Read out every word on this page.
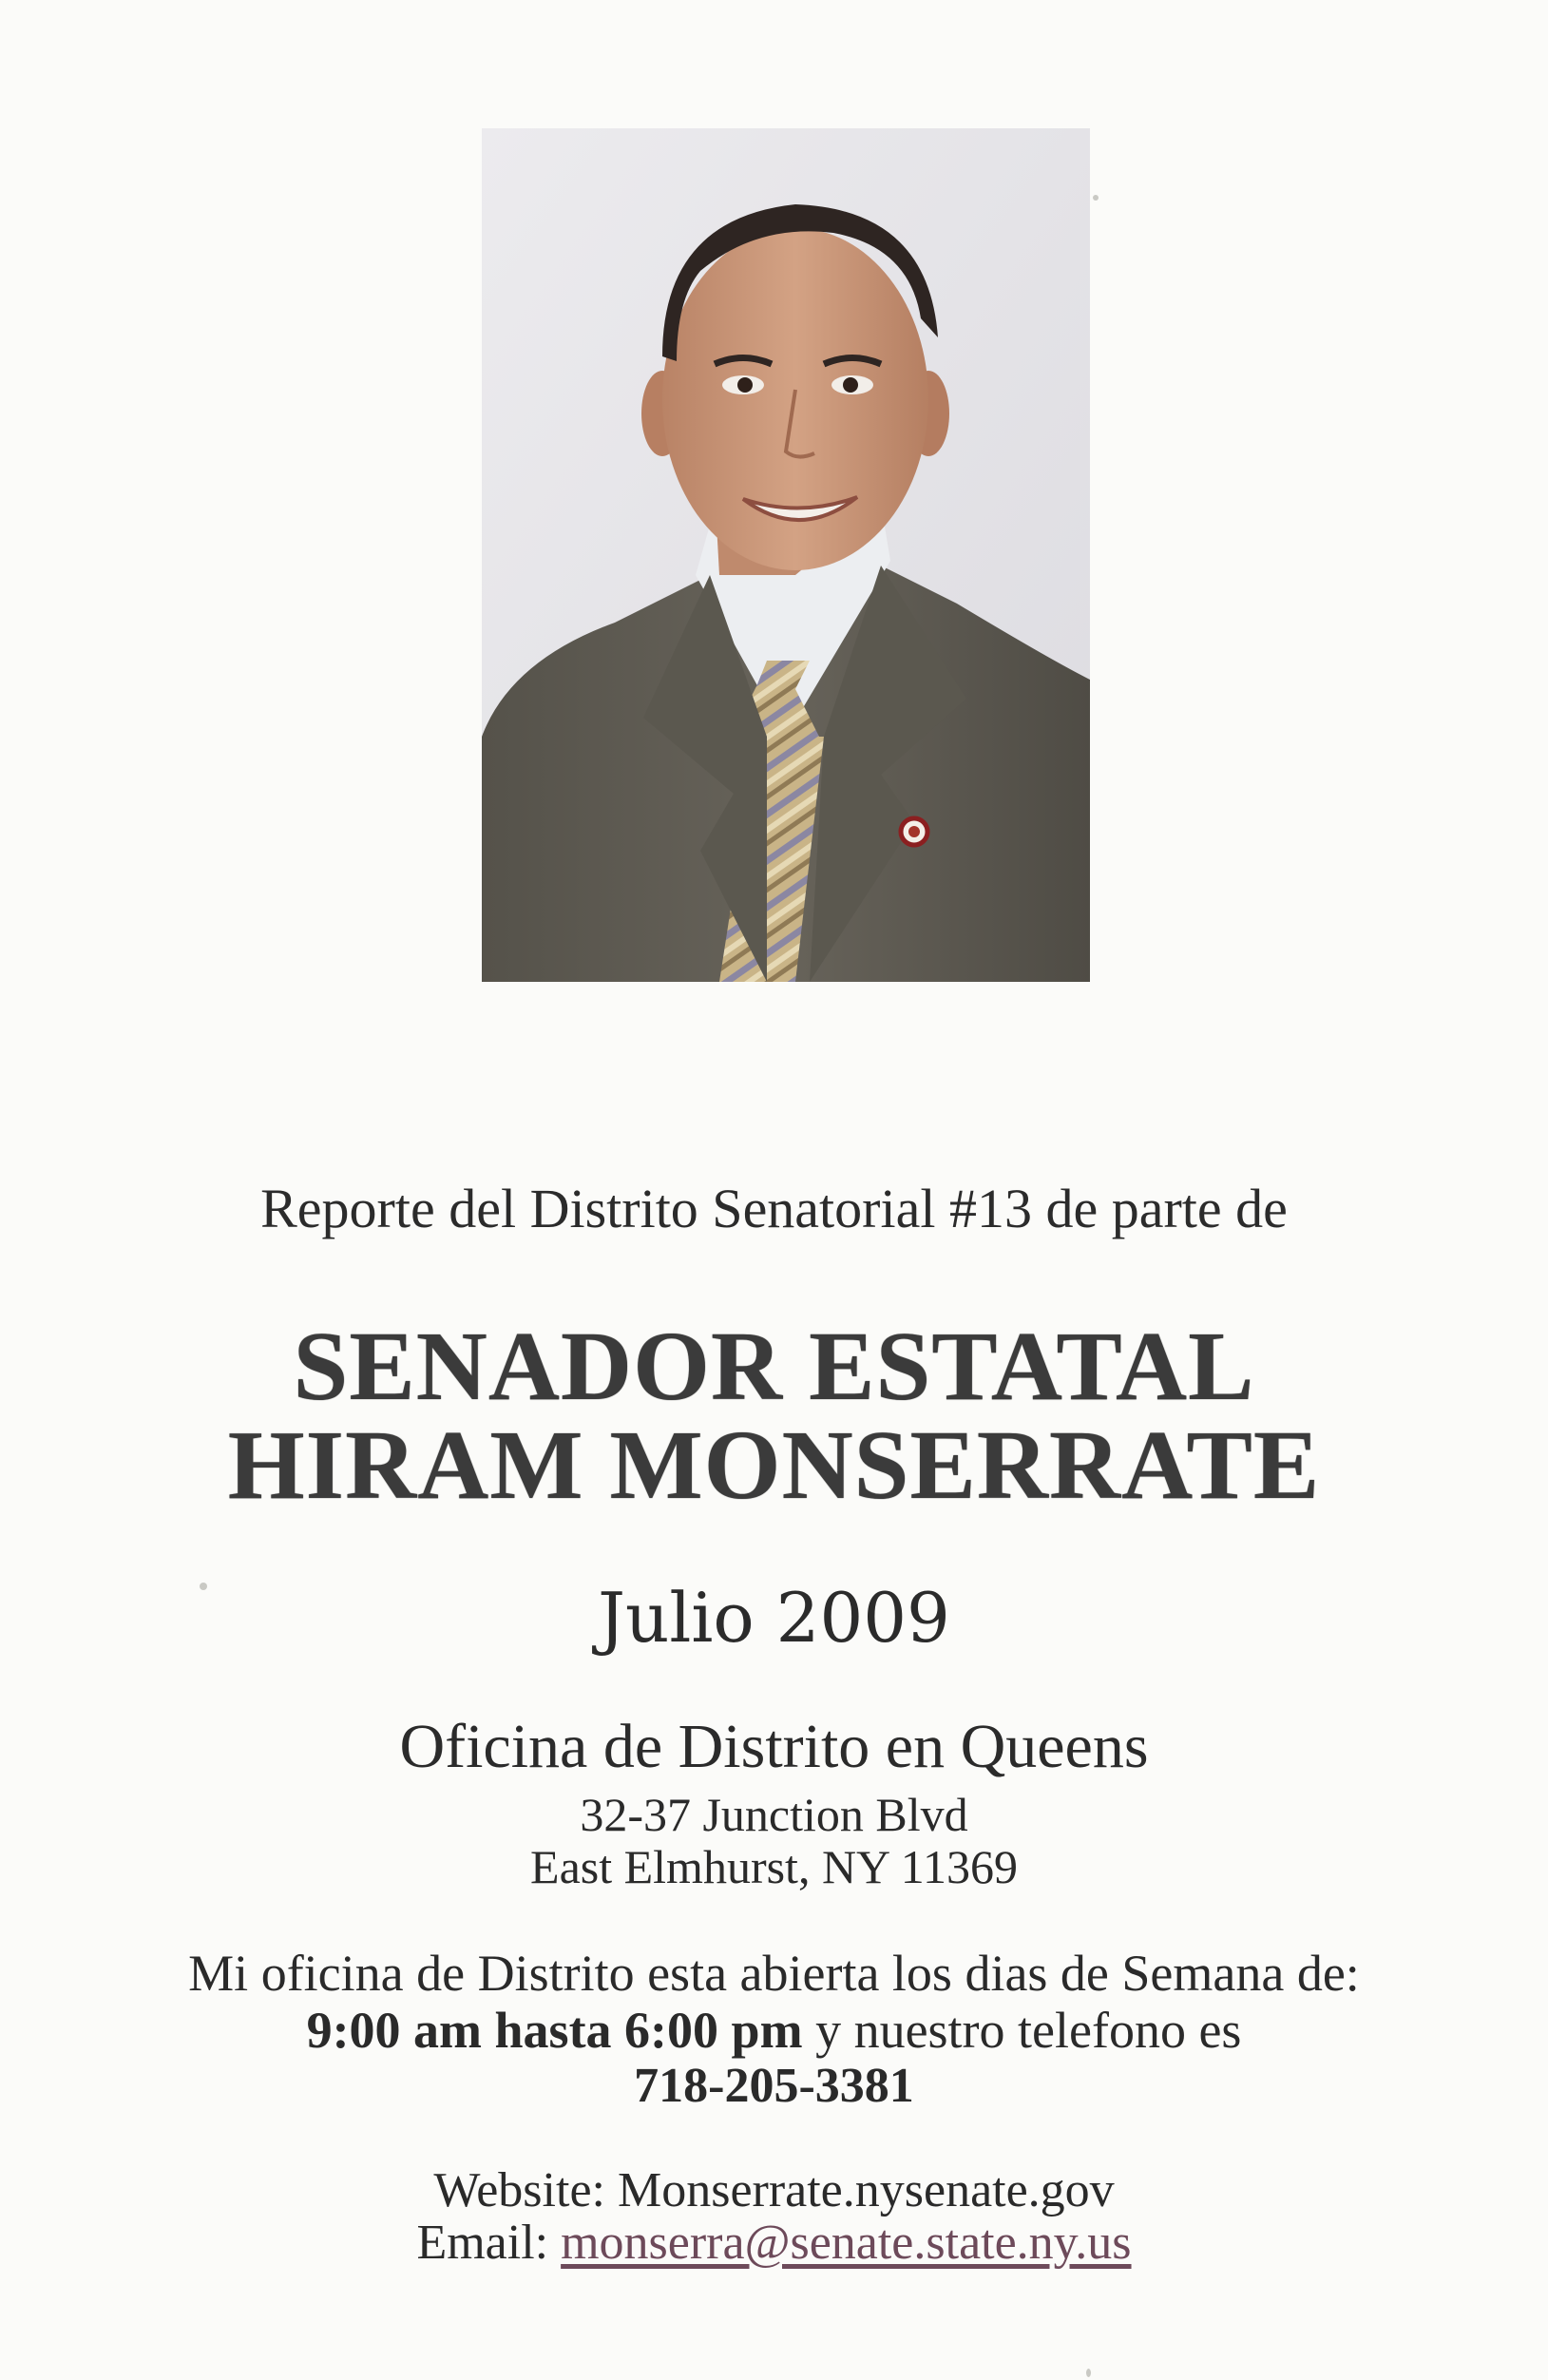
Reporte del Distrito Senatorial #13 de parte de
SENADOR ESTATAL
HIRAM MONSERRATE
Julio 2009
Oficina de Distrito en Queens
32-37 Junction Blvd
East Elmhurst, NY 11369
Mi oficina de Distrito esta abierta los dias de Semana de:
9:00 am hasta 6:00 pm y nuestro telefono es
718-205-3381
Website: Monserrate.nysenate.gov
Email: monserra@senate.state.ny.us
